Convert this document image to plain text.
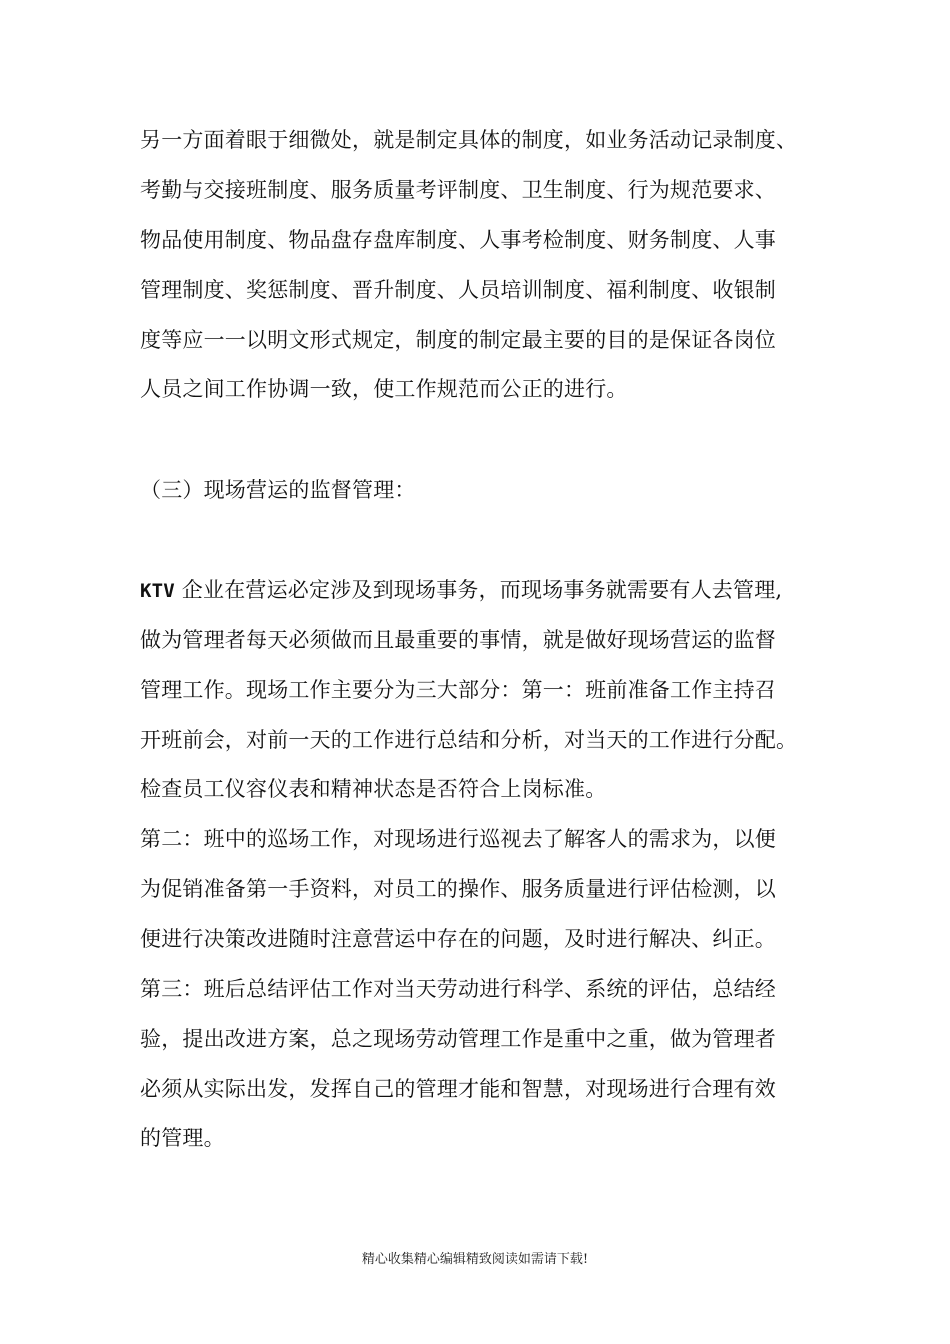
另一方面着眼于细微处，就是制定具体的制度，如业务活动记录制度、
考勤与交接班制度、服务质量考评制度、卫生制度、行为规范要求、
物品使用制度、物品盘存盘库制度、人事考检制度、财务制度、人事
管理制度、奖惩制度、晋升制度、人员培训制度、福利制度、收银制
度等应一一以明文形式规定，制度的制定最主要的目的是保证各岗位
人员之间工作协调一致，使工作规范而公正的进行。
（三）现场营运的监督管理：
KTV 企业在营运必定涉及到现场事务，而现场事务就需要有人去管理,
做为管理者每天必须做而且最重要的事情，就是做好现场营运的监督
管理工作。现场工作主要分为三大部分：第一：班前准备工作主持召
开班前会，对前一天的工作进行总结和分析，对当天的工作进行分配。
检查员工仪容仪表和精神状态是否符合上岗标准。
第二：班中的巡场工作，对现场进行巡视去了解客人的需求为，以便
为促销准备第一手资料，对员工的操作、服务质量进行评估检测，以
便进行决策改进随时注意营运中存在的问题，及时进行解决、纠正。
第三：班后总结评估工作对当天劳动进行科学、系统的评估，总结经
验，提出改进方案，总之现场劳动管理工作是重中之重，做为管理者
必须从实际出发，发挥自己的管理才能和智慧，对现场进行合理有效
的管理。
精心收集精心编辑精致阅读如需请下载!
